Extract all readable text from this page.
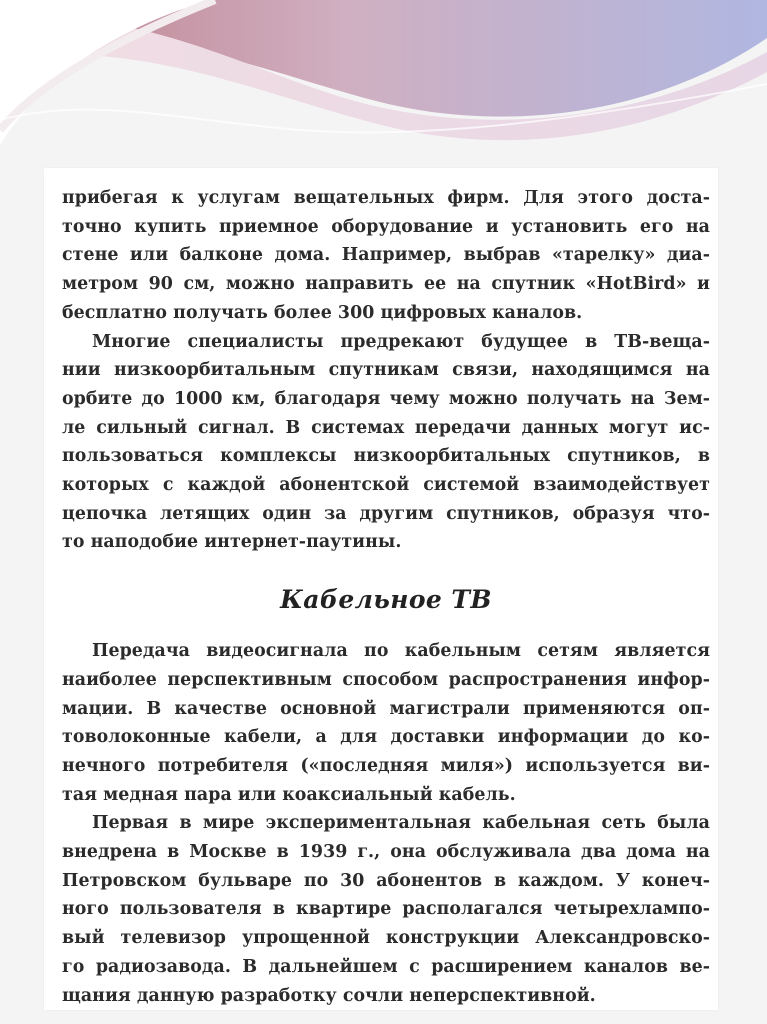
прибегая к услугам вещательных фирм. Для этого доста-
точно купить приемное оборудование и установить его на
стене или балконе дома. Например, выбрав «тарелку» диа-
метром 90 см, можно направить ее на спутник «HotBird» и
бесплатно получать более 300 цифровых каналов.
Многие специалисты предрекают будущее в ТВ-веща-
нии низкоорбитальным спутникам связи, находящимся на
орбите до 1000 км, благодаря чему можно получать на Зем-
ле сильный сигнал. В системах передачи данных могут ис-
пользоваться комплексы низкоорбитальных спутников, в
которых с каждой абонентской системой взаимодействует
цепочка летящих один за другим спутников, образуя что-
то наподобие интернет-паутины.
Кабельное ТВ
Передача видеосигнала по кабельным сетям является
наиболее перспективным способом распространения инфор-
мации. В качестве основной магистрали применяются оп-
товолоконные кабели, а для доставки информации до ко-
нечного потребителя («последняя миля») используется ви-
тая медная пара или коаксиальный кабель.
Первая в мире экспериментальная кабельная сеть была
внедрена в Москве в 1939 г., она обслуживала два дома на
Петровском бульваре по 30 абонентов в каждом. У конеч-
ного пользователя в квартире располагался четырехлампо-
вый телевизор упрощенной конструкции Александровско-
го радиозавода. В дальнейшем с расширением каналов ве-
щания данную разработку сочли неперспективной.
